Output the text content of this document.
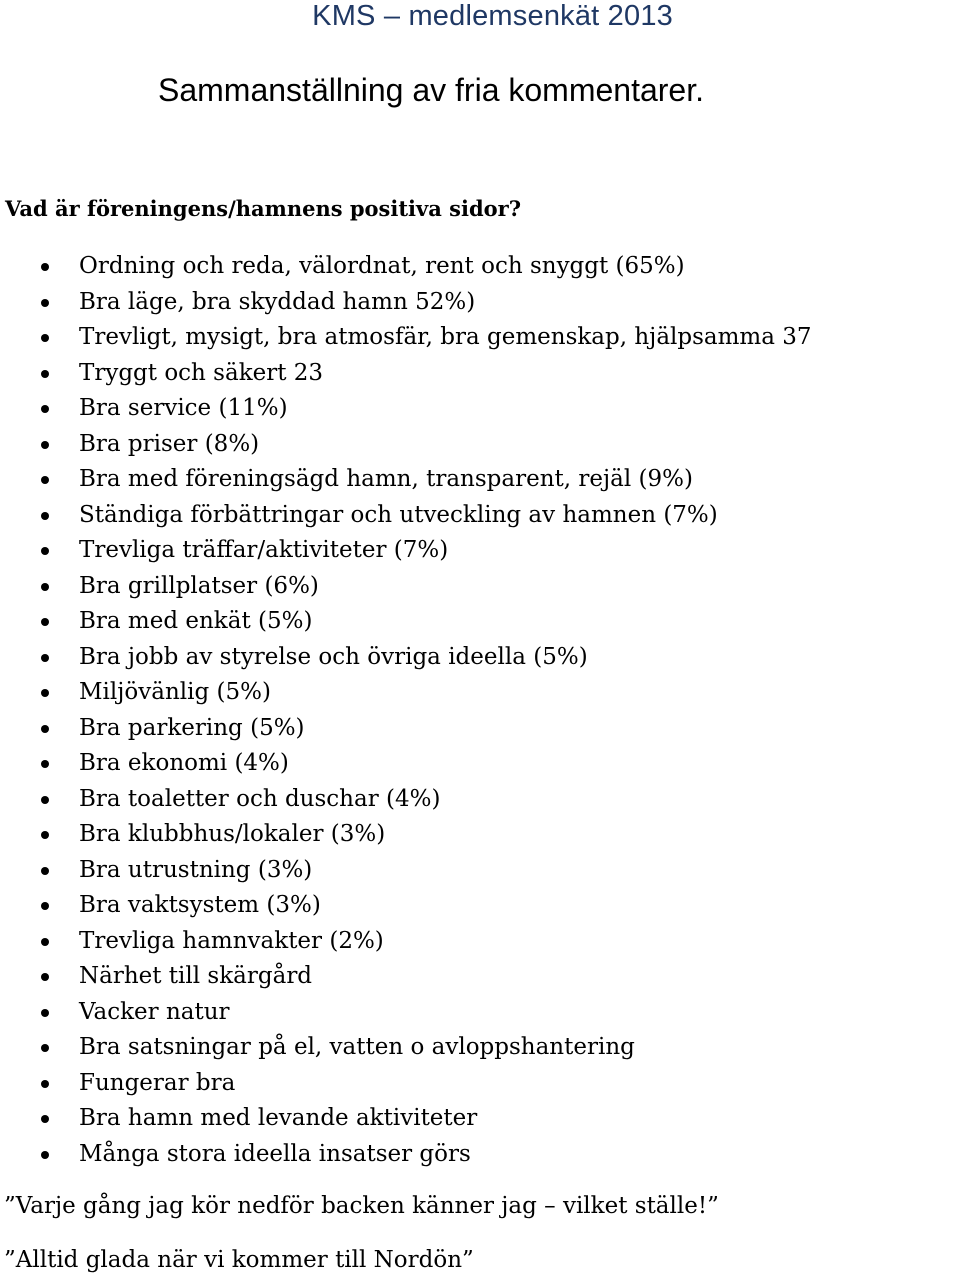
KMS – medlemsenkät 2013
Sammanställning av fria kommentarer.
Vad är föreningens/hamnens positiva sidor?
Ordning och reda, välordnat, rent och snyggt (65%)
Bra läge, bra skyddad hamn 52%)
Trevligt, mysigt, bra atmosfär, bra gemenskap, hjälpsamma 37
Tryggt och säkert 23
Bra service (11%)
Bra priser (8%)
Bra med föreningsägd hamn, transparent, rejäl (9%)
Ständiga förbättringar och utveckling av hamnen (7%)
Trevliga träffar/aktiviteter (7%)
Bra grillplatser (6%)
Bra med enkät (5%)
Bra jobb av styrelse och övriga ideella (5%)
Miljövänlig (5%)
Bra parkering (5%)
Bra ekonomi (4%)
Bra toaletter och duschar (4%)
Bra klubbhus/lokaler (3%)
Bra utrustning (3%)
Bra vaktsystem (3%)
Trevliga hamnvakter (2%)
Närhet till skärgård
Vacker natur
Bra satsningar på el, vatten o avloppshantering
Fungerar bra
Bra hamn med levande aktiviteter
Många stora ideella insatser görs
”Varje gång jag kör nedför backen känner jag – vilket ställe!”
”Alltid glada när vi kommer till Nordön”
